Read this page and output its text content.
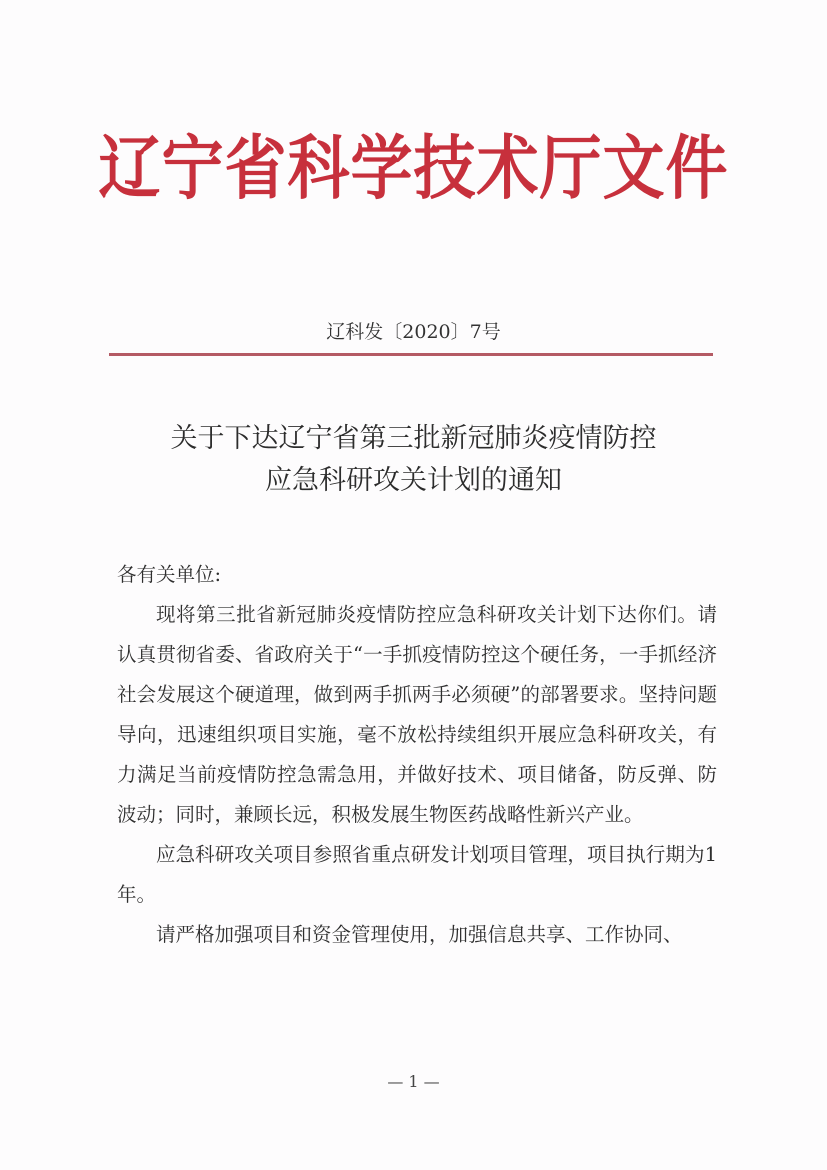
辽宁省科学技术厅文件
辽科发〔2020〕7号
关于下达辽宁省第三批新冠肺炎疫情防控
应急科研攻关计划的通知

各有关单位:

现将第三批省新冠肺炎疫情防控应急科研攻关计划下达你们。请认真贯彻省委、省政府关于“一手抓疫情防控这个硬任务，一手抓经济社会发展这个硬道理，做到两手抓两手必须硬”的部署要求。坚持问题导向，迅速组织项目实施，毫不放松持续组织开展应急科研攻关，有力满足当前疫情防控急需急用，并做好技术、项目储备，防反弹、防波动；同时，兼顾长远，积极发展生物医药战略性新兴产业。

应急科研攻关项目参照省重点研发计划项目管理，项目执行期为1年。

请严格加强项目和资金管理使用，加强信息共享、工作协同、

— 1 —
